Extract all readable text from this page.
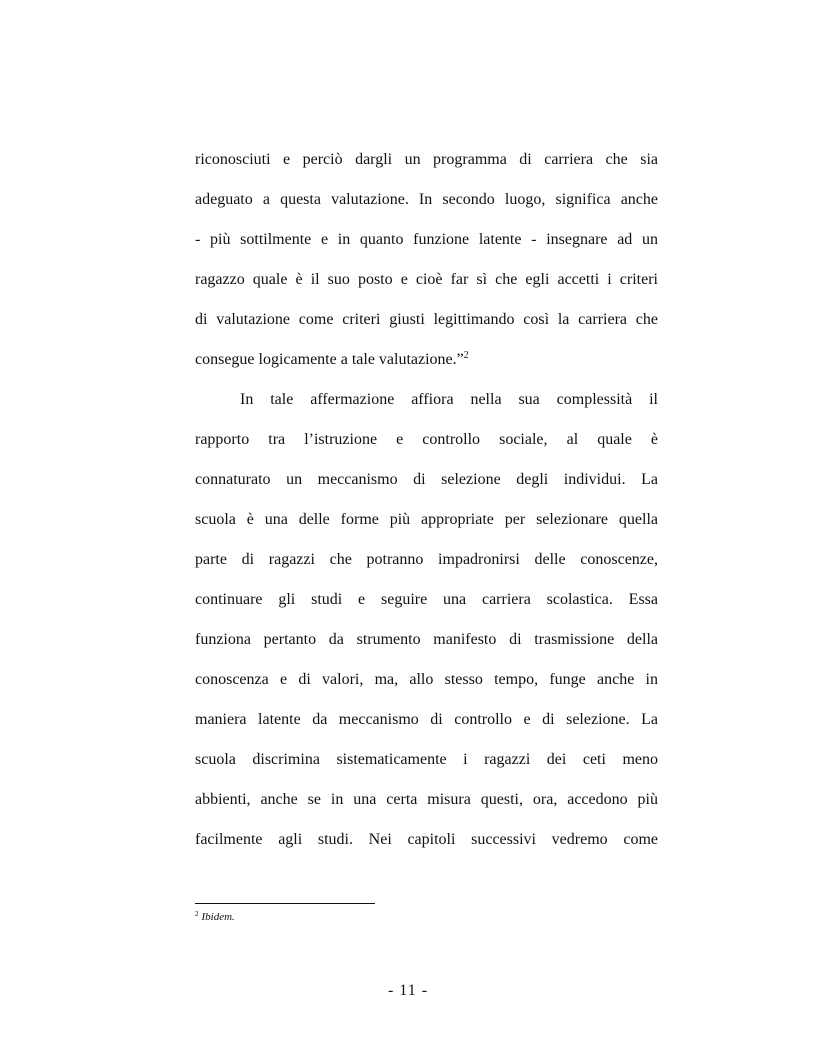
riconosciuti e perciò dargli un programma di carriera che sia
adeguato a questa valutazione. In secondo luogo, significa anche
- più sottilmente e in quanto funzione latente - insegnare ad un
ragazzo quale è il suo posto e cioè far sì che egli accetti i criteri
di valutazione come criteri giusti legittimando così la carriera che
consegue logicamente a tale valutazione.”$^2$
In tale affermazione affiora nella sua complessità il
rapporto tra l’istruzione e controllo sociale, al quale è
connaturato un meccanismo di selezione degli individui. La
scuola è una delle forme più appropriate per selezionare quella
parte di ragazzi che potranno impadronirsi delle conoscenze,
continuare gli studi e seguire una carriera scolastica. Essa
funziona pertanto da strumento manifesto di trasmissione della
conoscenza e di valori, ma, allo stesso tempo, funge anche in
maniera latente da meccanismo di controllo e di selezione. La
scuola discrimina sistematicamente i ragazzi dei ceti meno
abbienti, anche se in una certa misura questi, ora, accedono più
facilmente agli studi. Nei capitoli successivi vedremo come
$^2$ Ibidem.
- 11 -
